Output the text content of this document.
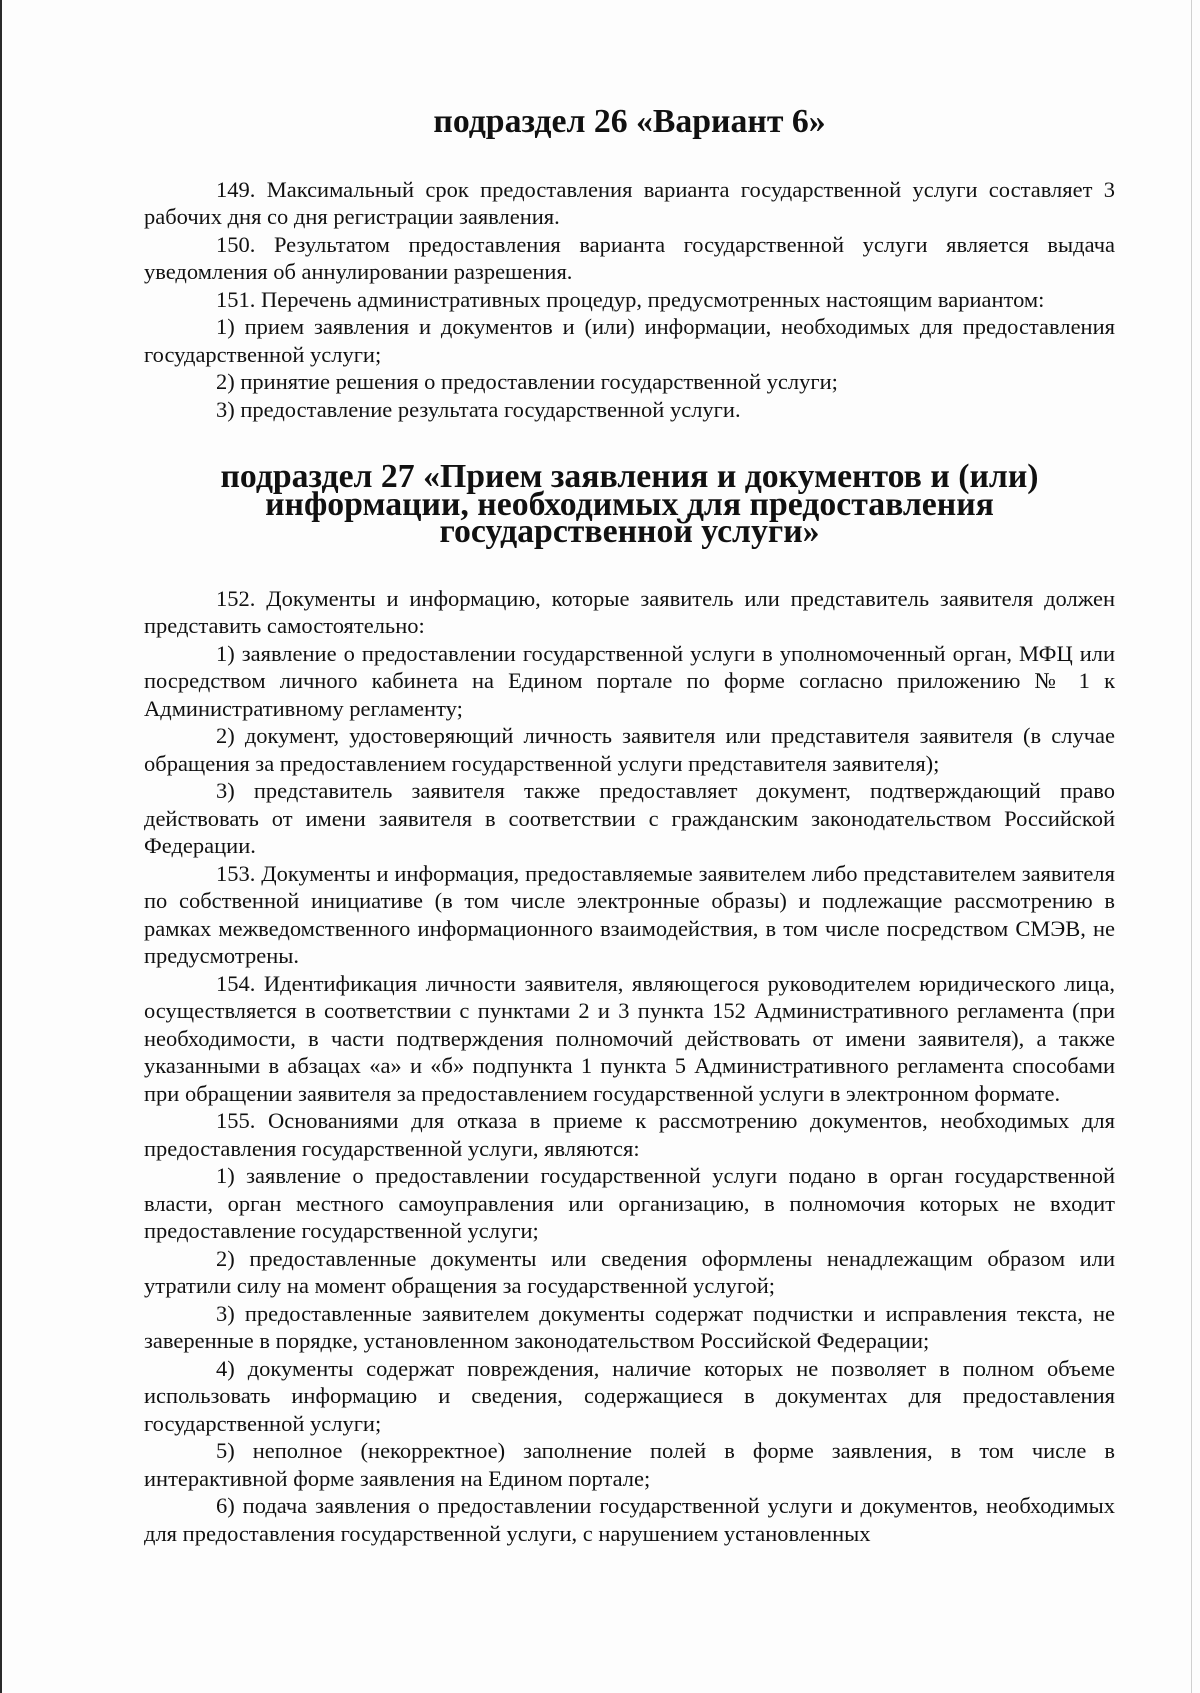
подраздел 26 «Вариант 6»

149. Максимальный срок предоставления варианта государственной услуги составляет 3 рабочих дня со дня регистрации заявления.

150. Результатом предоставления варианта государственной услуги является выдача уведомления об аннулировании разрешения.

151. Перечень административных процедур, предусмотренных настоящим вариантом:

1) прием заявления и документов и (или) информации, необходимых для предоставления государственной услуги;

2) принятие решения о предоставлении государственной услуги;

3) предоставление результата государственной услуги.

подраздел 27 «Прием заявления и документов и (или) информации, необходимых для предоставления государственной услуги»

152. Документы и информацию, которые заявитель или представитель заявителя должен представить самостоятельно:

1) заявление о предоставлении государственной услуги в уполномоченный орган, МФЦ или посредством личного кабинета на Едином портале по форме согласно приложению № 1 к Административному регламенту;

2) документ, удостоверяющий личность заявителя или представителя заявителя (в случае обращения за предоставлением государственной услуги представителя заявителя);

3) представитель заявителя также предоставляет документ, подтверждающий право действовать от имени заявителя в соответствии с гражданским законодательством Российской Федерации.

153. Документы и информация, предоставляемые заявителем либо представителем заявителя по собственной инициативе (в том числе электронные образы) и подлежащие рассмотрению в рамках межведомственного информационного взаимодействия, в том числе посредством СМЭВ, не предусмотрены.

154. Идентификация личности заявителя, являющегося руководителем юридического лица, осуществляется в соответствии с пунктами 2 и 3 пункта 152 Административного регламента (при необходимости, в части подтверждения полномочий действовать от имени заявителя), а также указанными в абзацах «а» и «б» подпункта 1 пункта 5 Административного регламента способами при обращении заявителя за предоставлением государственной услуги в электронном формате.

155. Основаниями для отказа в приеме к рассмотрению документов, необходимых для предоставления государственной услуги, являются:

1) заявление о предоставлении государственной услуги подано в орган государственной власти, орган местного самоуправления или организацию, в полномочия которых не входит предоставление государственной услуги;

2) предоставленные документы или сведения оформлены ненадлежащим образом или утратили силу на момент обращения за государственной услугой;

3) предоставленные заявителем документы содержат подчистки и исправления текста, не заверенные в порядке, установленном законодательством Российской Федерации;

4) документы содержат повреждения, наличие которых не позволяет в полном объеме использовать информацию и сведения, содержащиеся в документах для предоставления государственной услуги;

5) неполное (некорректное) заполнение полей в форме заявления, в том числе в интерактивной форме заявления на Едином портале;

6) подача заявления о предоставлении государственной услуги и документов, необходимых для предоставления государственной услуги, с нарушением установленных
